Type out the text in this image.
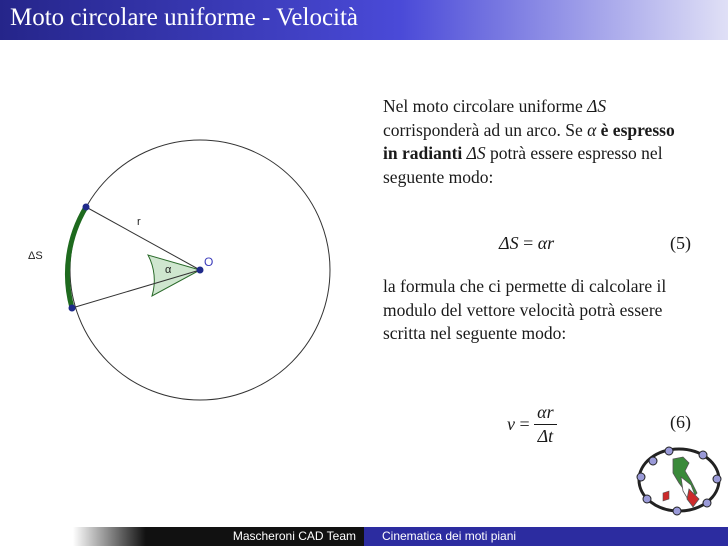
Moto circolare uniforme - Velocità
r
α
O
ΔS
Nel moto circolare uniforme ΔS corrisponderà ad un arco. Se α è espresso in radianti ΔS potrà essere espresso nel seguente modo:
ΔS = αr	(5)
la formula che ci permette di calcolare il modulo del vettore velocità potrà essere scritta nel seguente modo:
$v = \frac{\alpha r}{\Delta t}$	(6)
Mascheroni CAD Team	Cinematica dei moti piani
